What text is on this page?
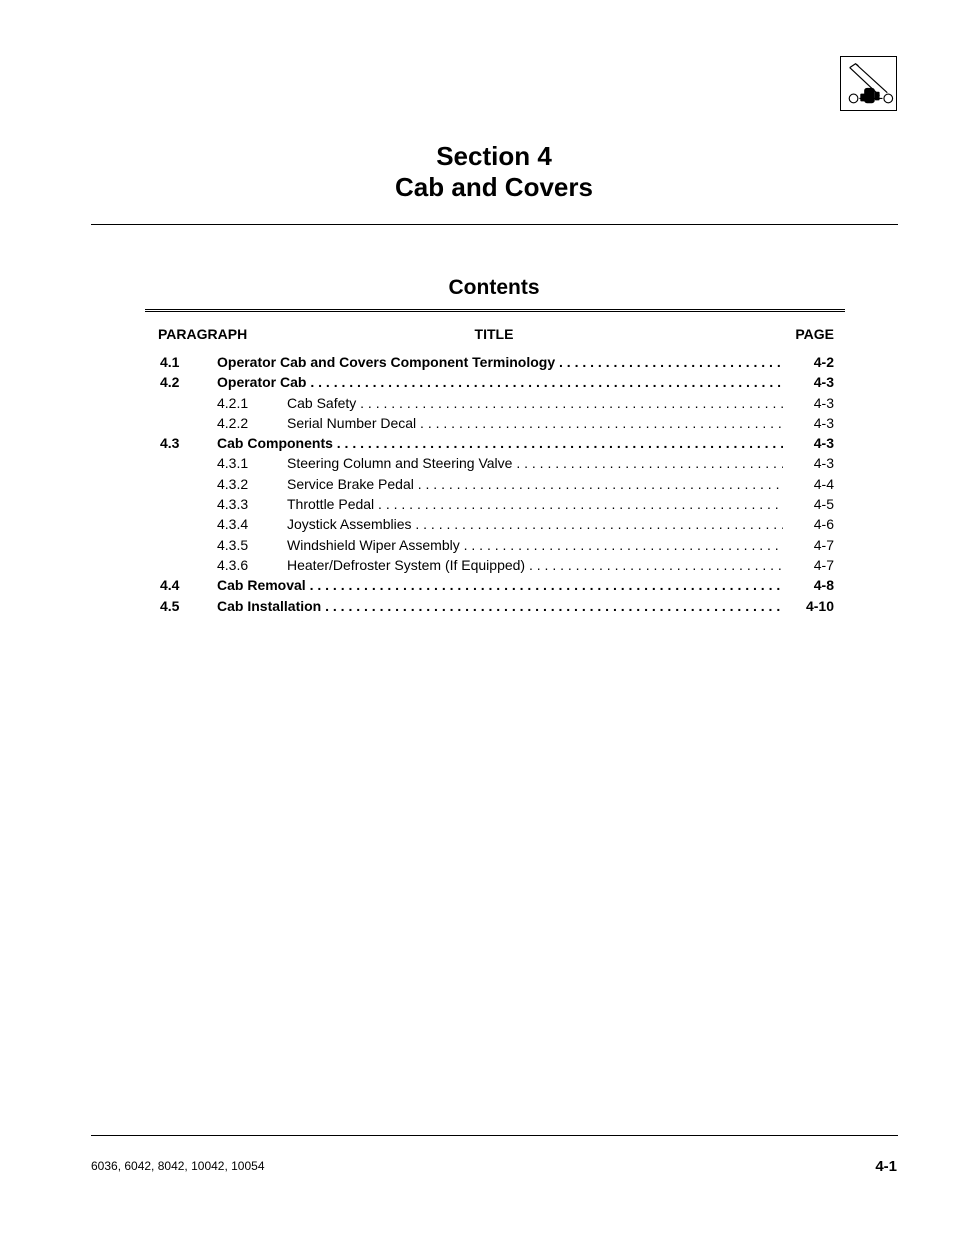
Section 4
Cab and Covers
Contents
PARAGRAPH	TITLE	PAGE
4.1	Operator Cab and Covers Component Terminology . . .	4-2
4.2	Operator Cab . . .	4-3
4.2.1	Cab Safety . . .	4-3
4.2.2	Serial Number Decal . . .	4-3
4.3	Cab Components . . .	4-3
4.3.1	Steering Column and Steering Valve . . .	4-3
4.3.2	Service Brake Pedal . . .	4-4
4.3.3	Throttle Pedal . . .	4-5
4.3.4	Joystick Assemblies . . .	4-6
4.3.5	Windshield Wiper Assembly . . .	4-7
4.3.6	Heater/Defroster System (If Equipped) . . .	4-7
4.4	Cab Removal . . .	4-8
4.5	Cab Installation . . .	4-10
6036, 6042, 8042, 10042, 10054	4-1
